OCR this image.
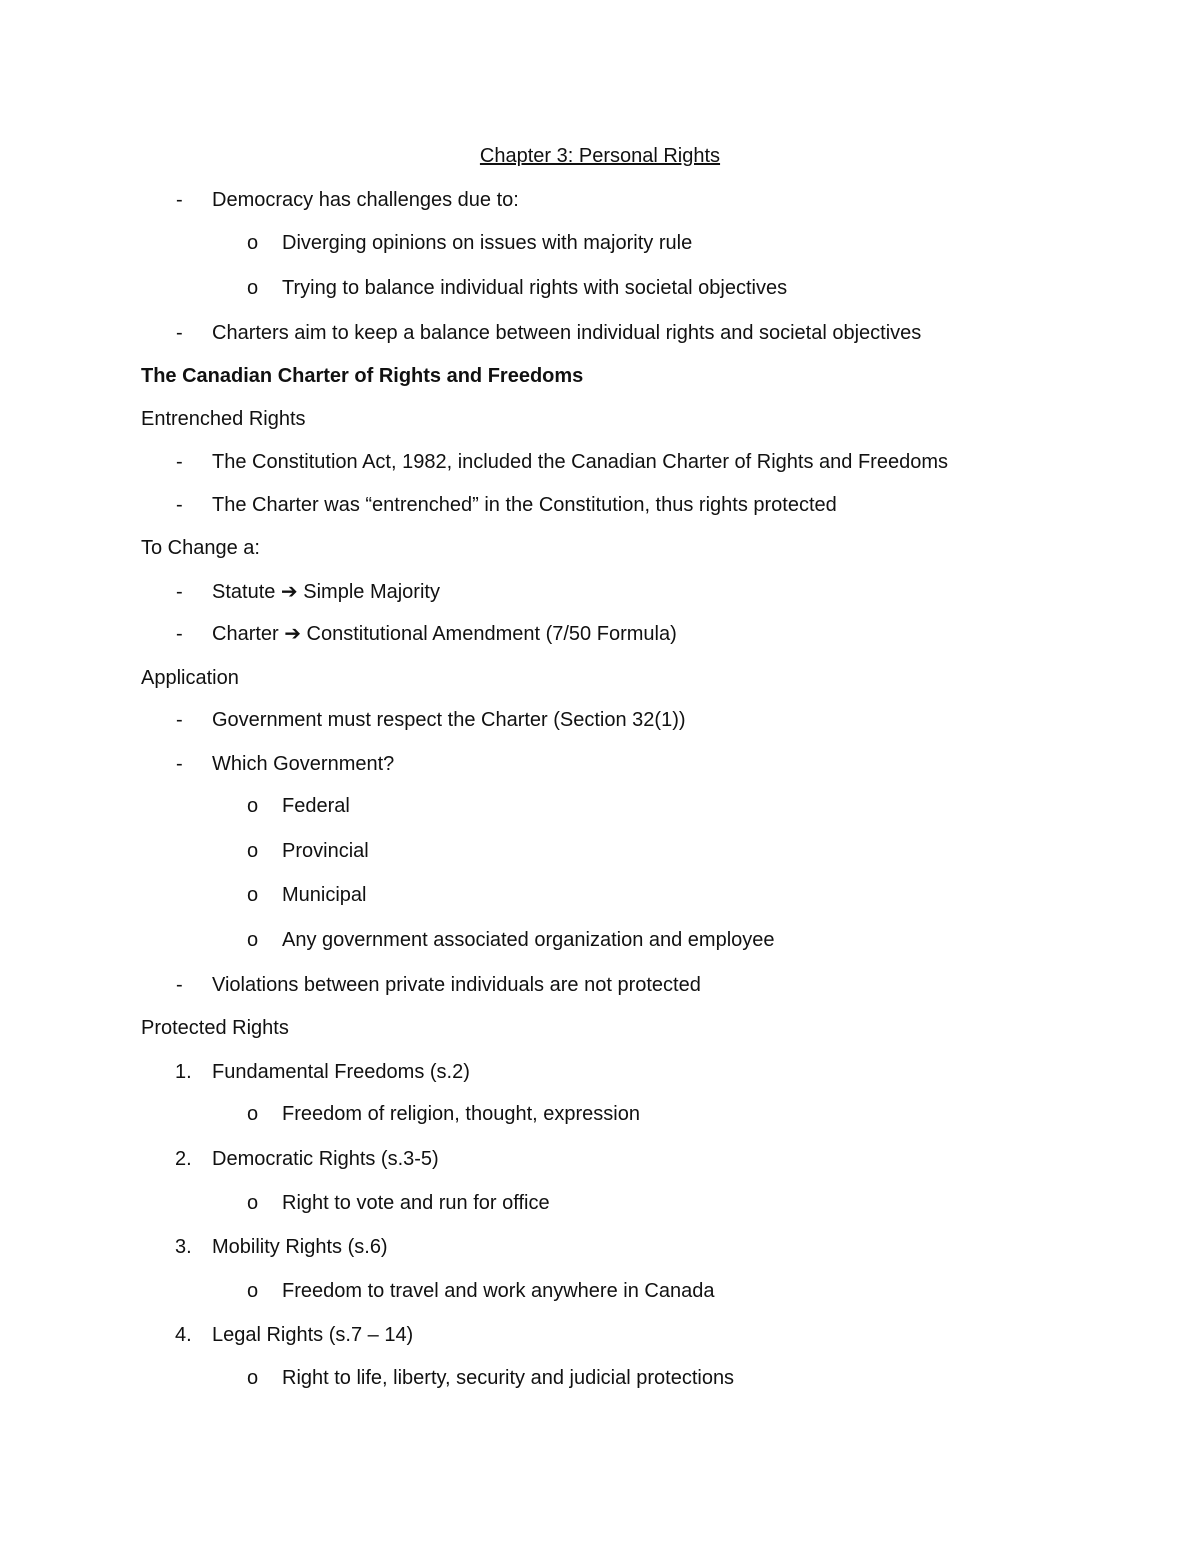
Chapter 3: Personal Rights
- Democracy has challenges due to:
o Diverging opinions on issues with majority rule
o Trying to balance individual rights with societal objectives
- Charters aim to keep a balance between individual rights and societal objectives
The Canadian Charter of Rights and Freedoms
Entrenched Rights
- The Constitution Act, 1982, included the Canadian Charter of Rights and Freedoms
- The Charter was “entrenched” in the Constitution, thus rights protected
To Change a:
- Statute ➔ Simple Majority
- Charter ➔ Constitutional Amendment (7/50 Formula)
Application
- Government must respect the Charter (Section 32(1))
- Which Government?
o Federal
o Provincial
o Municipal
o Any government associated organization and employee
- Violations between private individuals are not protected
Protected Rights
1. Fundamental Freedoms (s.2)
o Freedom of religion, thought, expression
2. Democratic Rights (s.3-5)
o Right to vote and run for office
3. Mobility Rights (s.6)
o Freedom to travel and work anywhere in Canada
4. Legal Rights (s.7 – 14)
o Right to life, liberty, security and judicial protections
